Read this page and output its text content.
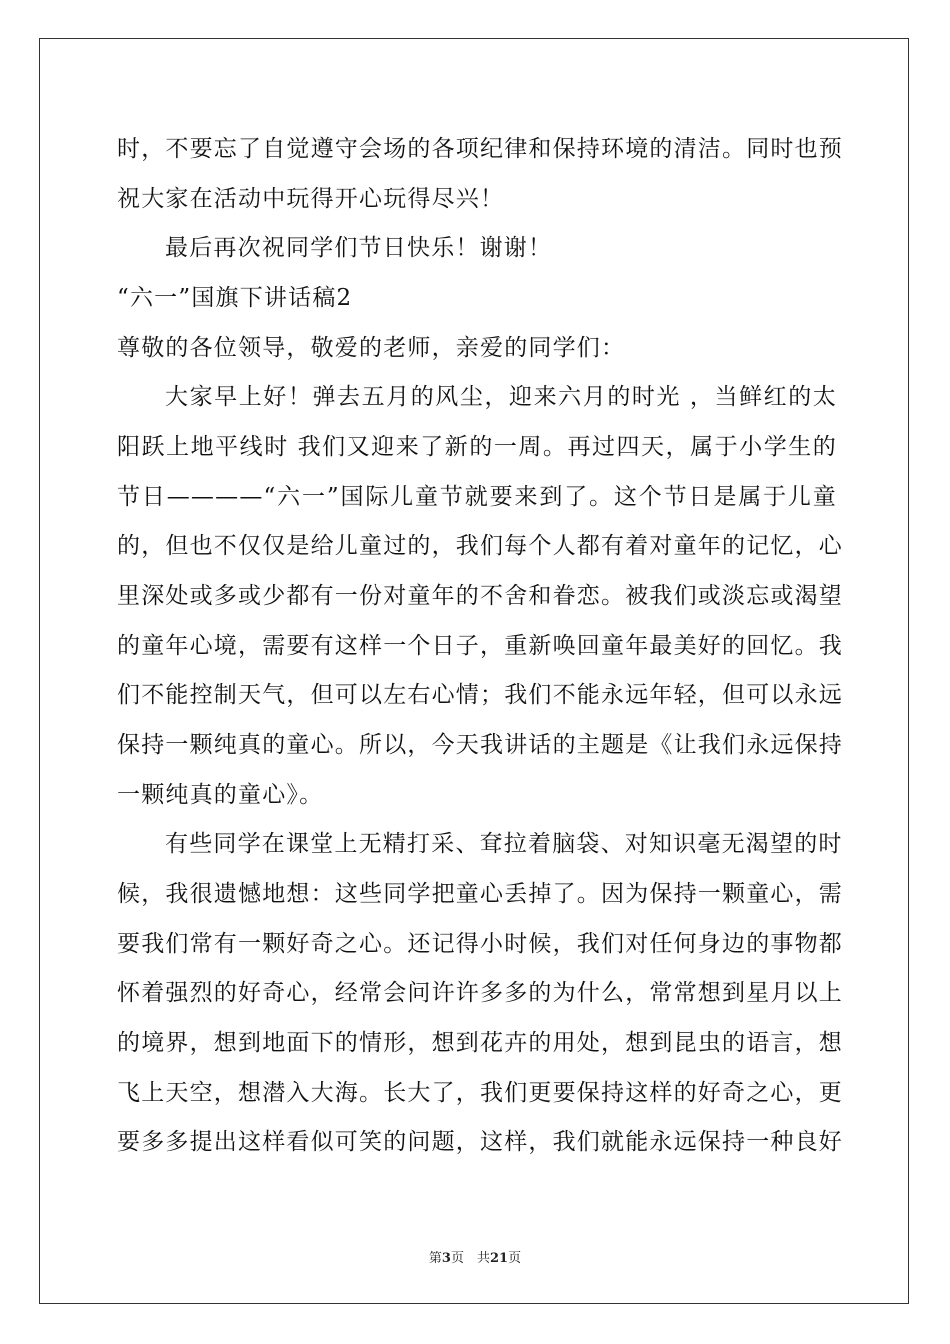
时，不要忘了自觉遵守会场的各项纪律和保持环境的清洁。同时也预
祝大家在活动中玩得开心玩得尽兴！
最后再次祝同学们节日快乐！谢谢！
“六一”国旗下讲话稿2
尊敬的各位领导，敬爱的老师，亲爱的同学们：
大家早上好！弹去五月的风尘，迎来六月的时光 ，当鲜红的太
阳跃上地平线时 我们又迎来了新的一周。再过四天，属于小学生的
节日————“六一”国际儿童节就要来到了。这个节日是属于儿童
的，但也不仅仅是给儿童过的，我们每个人都有着对童年的记忆，心
里深处或多或少都有一份对童年的不舍和眷恋。被我们或淡忘或渴望
的童年心境，需要有这样一个日子，重新唤回童年最美好的回忆。我
们不能控制天气，但可以左右心情；我们不能永远年轻，但可以永远
保持一颗纯真的童心。所以，今天我讲话的主题是《让我们永远保持
一颗纯真的童心》。
有些同学在课堂上无精打采、耷拉着脑袋、对知识毫无渴望的时
候，我很遗憾地想：这些同学把童心丢掉了。因为保持一颗童心，需
要我们常有一颗好奇之心。还记得小时候，我们对任何身边的事物都
怀着强烈的好奇心，经常会问许许多多的为什么，常常想到星月以上
的境界，想到地面下的情形，想到花卉的用处，想到昆虫的语言，想
飞上天空，想潜入大海。长大了，我们更要保持这样的好奇之心，更
要多多提出这样看似可笑的问题，这样，我们就能永远保持一种良好
第3页　共21页
